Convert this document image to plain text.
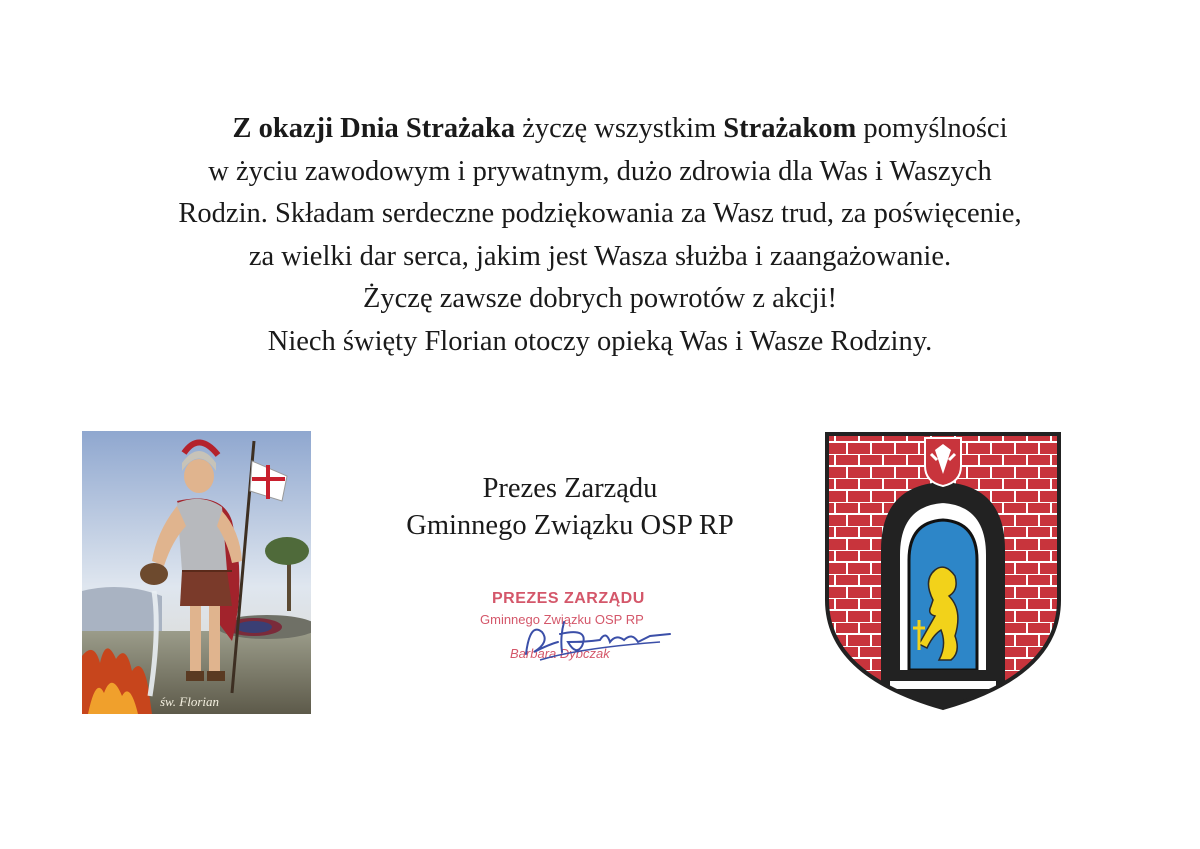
Z okazji Dnia Strażaka życzę wszystkim Strażakom pomyślności
w życiu zawodowym i prywatnym, dużo zdrowia dla Was i Waszych
Rodzin. Składam serdeczne podziękowania za Wasz trud, za poświęcenie,
za wielki dar serca, jakim jest Wasza służba i zaangażowanie.
Życzę zawsze dobrych powrotów z akcji!
Niech święty Florian otoczy opieką Was i Wasze Rodziny.
św. Florian
Prezes Zarządu
Gminnego Związku OSP RP
PREZES ZARZĄDU
Gminnego Związku OSP RP
Barbara Dybczak
